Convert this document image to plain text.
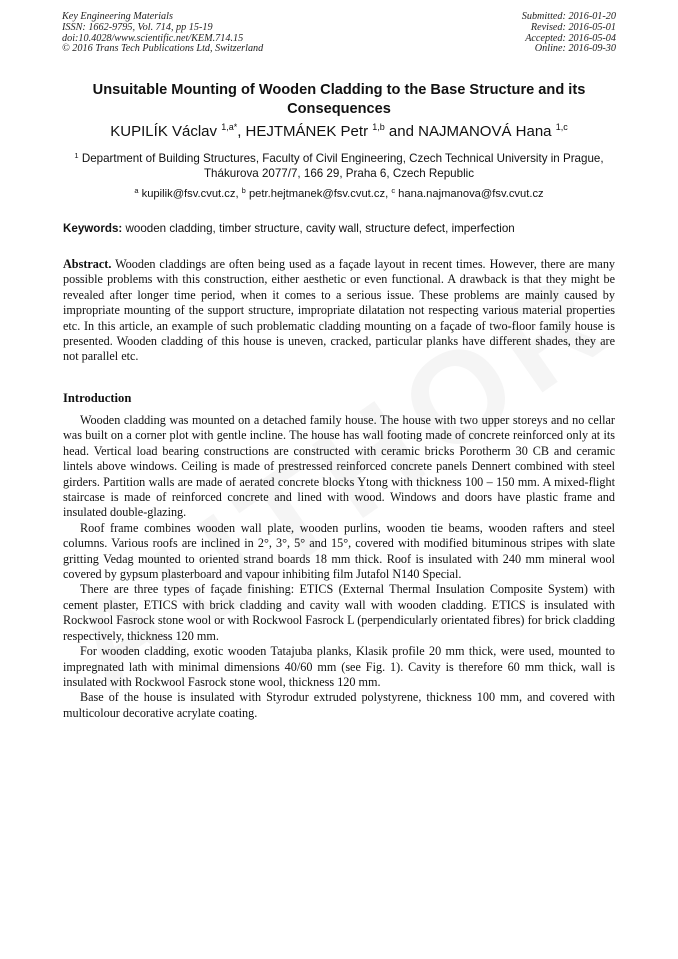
Key Engineering Materials
ISSN: 1662-9795, Vol. 714, pp 15-19
doi:10.4028/www.scientific.net/KEM.714.15
© 2016 Trans Tech Publications Ltd, Switzerland
Submitted: 2016-01-20
Revised: 2016-05-01
Accepted: 2016-05-04
Online: 2016-09-30
Unsuitable Mounting of Wooden Cladding to the Base Structure and its Consequences
KUPILÍK Václav $^{1,a*}$, HEJTMÁNEK Petr $^{1,b}$ and NAJMANOVÁ Hana $^{1,c}$
$^1$ Department of Building Structures, Faculty of Civil Engineering, Czech Technical University in Prague, Thákurova 2077/7, 166 29, Praha 6, Czech Republic
$^a$ kupilik@fsv.cvut.cz, $^b$ petr.hejtmanek@fsv.cvut.cz, $^c$ hana.najmanova@fsv.cvut.cz
Keywords: wooden cladding, timber structure, cavity wall, structure defect, imperfection

Abstract. Wooden claddings are often being used as a façade layout in recent times. However, there are many possible problems with this construction, either aesthetic or even functional. A drawback is that they might be revealed after longer time period, when it comes to a serious issue. These problems are mainly caused by impropriate mounting of the support structure, impropriate dilatation not respecting various material properties etc. In this article, an example of such problematic cladding mounting on a façade of two-floor family house is presented. Wooden cladding of this house is uneven, cracked, particular planks have different shades, they are not parallel etc.

Introduction

Wooden cladding was mounted on a detached family house. The house with two upper storeys and no cellar was built on a corner plot with gentle incline. The house has wall footing made of concrete reinforced only at its head. Vertical load bearing constructions are constructed with ceramic bricks Porotherm 30 CB and ceramic lintels above windows. Ceiling is made of prestressed reinforced concrete panels Dennert combined with steel girders. Partition walls are made of aerated concrete blocks Ytong with thickness 100 – 150 mm. A mixed-flight staircase is made of reinforced concrete and lined with wood. Windows and doors have plastic frame and insulated double-glazing.

Roof frame combines wooden wall plate, wooden purlins, wooden tie beams, wooden rafters and steel columns. Various roofs are inclined in 2°, 3°, 5° and 15°, covered with modified bituminous stripes with slate gritting Vedag mounted to oriented strand boards 18 mm thick. Roof is insulated with 240 mm mineral wool covered by gypsum plasterboard and vapour inhibiting film Jutafol N140 Special.

There are three types of façade finishing: ETICS (External Thermal Insulation Composite System) with cement plaster, ETICS with brick cladding and cavity wall with wooden cladding. ETICS is insulated with Rockwool Fasrock stone wool or with Rockwool Fasrock L (perpendicularly orientated fibres) for brick cladding respectively, thickness 120 mm.

For wooden cladding, exotic wooden Tatajuba planks, Klasik profile 20 mm thick, were used, mounted to impregnated lath with minimal dimensions 40/60 mm (see Fig. 1). Cavity is therefore 60 mm thick, wall is insulated with Rockwool Fasrock stone wool, thickness 120 mm.

Base of the house is insulated with Styrodur extruded polystyrene, thickness 100 mm, and covered with multicolour decorative acrylate coating.
